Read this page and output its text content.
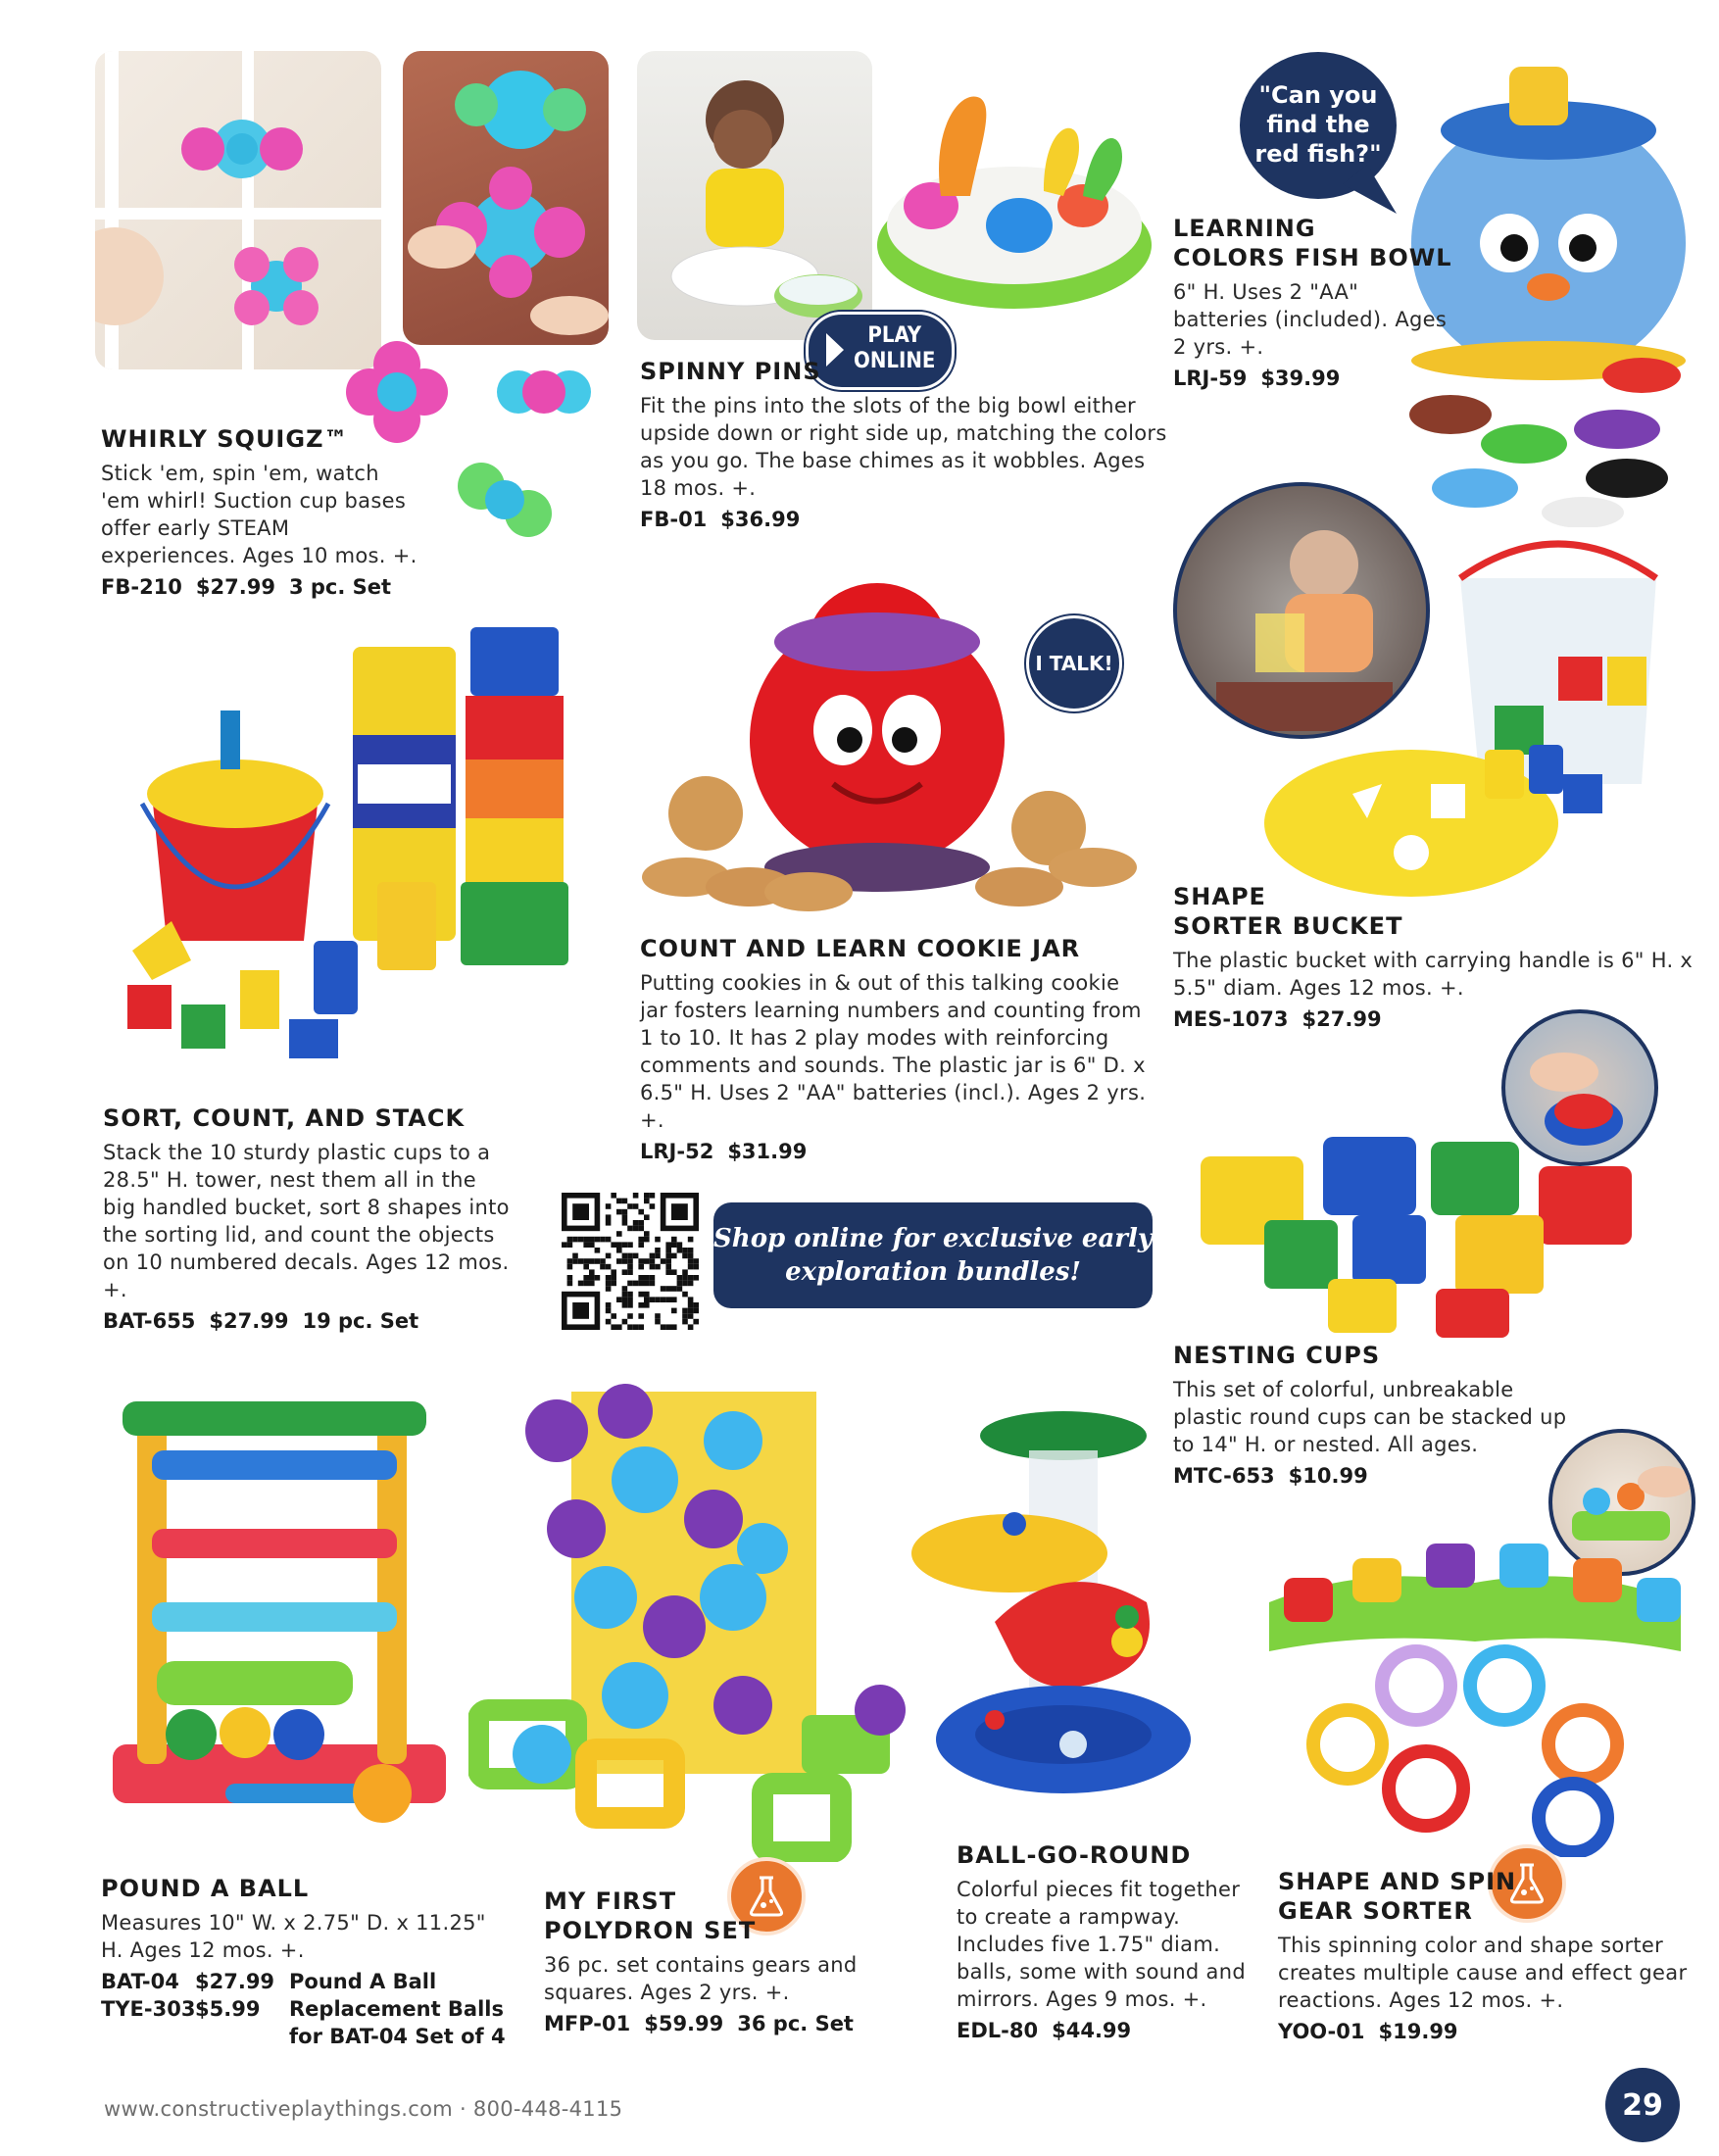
WHIRLY SQUIGZ™
Stick 'em, spin 'em, watch 'em whirl! Suction cup bases offer early STEAM experiences. Ages 10 mos. +.
FB-210 $27.99 3 pc. Set
PLAY
ONLINE
SPINNY PINS
Fit the pins into the slots of the big bowl either upside down or right side up, matching the colors as you go. The base chimes as it wobbles. Ages 18 mos. +.
FB-01 $36.99
"Can you find the red fish?"
LEARNING
COLORS FISH BOWL
6" H. Uses 2 "AA" batteries (included). Ages 2 yrs. +.
LRJ-59 $39.99
SORT, COUNT, AND STACK
Stack the 10 sturdy plastic cups to a 28.5" H. tower, nest them all in the big handled bucket, sort 8 shapes into the sorting lid, and count the objects on 10 numbered decals. Ages 12 mos. +.
BAT-655 $27.99 19 pc. Set
I TALK!
COUNT AND LEARN COOKIE JAR
Putting cookies in & out of this talking cookie jar fosters learning numbers and counting from 1 to 10. It has 2 play modes with reinforcing comments and sounds. The plastic jar is 6" D. x 6.5" H. Uses 2 "AA" batteries (incl.). Ages 2 yrs. +.
LRJ-52 $31.99
SHAPE
SORTER BUCKET
The plastic bucket with carrying handle is 6" H. x 5.5" diam. Ages 12 mos. +.
MES-1073 $27.99
Shop online for exclusive early
exploration bundles!
NESTING CUPS
This set of colorful, unbreakable plastic round cups can be stacked up to 14" H. or nested. All ages.
MTC-653 $10.99
POUND A BALL
Measures 10" W. x 2.75" D. x 11.25" H. Ages 12 mos. +.
BAT-04 $27.99 Pound A Ball
TYE-303 $5.99	Replacement Balls
for BAT-04 Set of 4
MY FIRST
POLYDRON SET
36 pc. set contains gears and squares. Ages 2 yrs. +.
MFP-01 $59.99 36 pc. Set
BALL-GO-ROUND
Colorful pieces fit together to create a rampway. Includes five 1.75" diam. balls, some with sound and mirrors. Ages 9 mos. +.
EDL-80 $44.99
SHAPE AND SPIN
GEAR SORTER
This spinning color and shape sorter creates multiple cause and effect gear reactions. Ages 12 mos. +.
YOO-01 $19.99
www.constructiveplaythings.com · 800-448-4115	29
